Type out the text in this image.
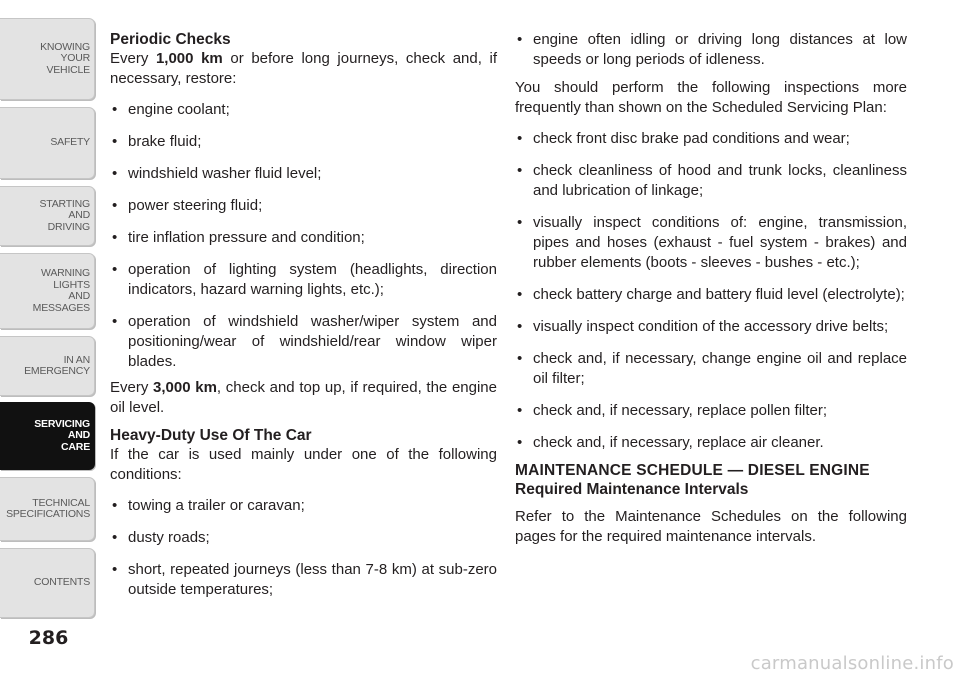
KNOWING
YOUR
VEHICLE
SAFETY
STARTING
AND
DRIVING
WARNING
LIGHTS
AND
MESSAGES
IN AN
EMERGENCY
SERVICING
AND
CARE
TECHNICAL
SPECIFICATIONS
CONTENTS
286
Periodic Checks

Every 1,000 km or before long journeys, check and, if necessary, restore:

• engine coolant;
• brake fluid;
• windshield washer fluid level;
• power steering fluid;
• tire inflation pressure and condition;
• operation of lighting system (headlights, direction indicators, hazard warning lights, etc.);
• operation of windshield washer/wiper system and positioning/wear of windshield/rear window wiper blades.

Every 3,000 km, check and top up, if required, the engine oil level.

Heavy-Duty Use Of The Car

If the car is used mainly under one of the following conditions:

• towing a trailer or caravan;
• dusty roads;
• short, repeated journeys (less than 7-8 km) at sub-zero outside temperatures;
• engine often idling or driving long distances at low speeds or long periods of idleness.

You should perform the following inspections more frequently than shown on the Scheduled Servicing Plan:

• check front disc brake pad conditions and wear;
• check cleanliness of hood and trunk locks, cleanliness and lubrication of linkage;
• visually inspect conditions of: engine, transmission, pipes and hoses (exhaust - fuel system - brakes) and rubber elements (boots - sleeves - bushes - etc.);
• check battery charge and battery fluid level (electrolyte);
• visually inspect condition of the accessory drive belts;
• check and, if necessary, change engine oil and replace oil filter;
• check and, if necessary, replace pollen filter;
• check and, if necessary, replace air cleaner.
MAINTENANCE SCHEDULE — DIESEL ENGINE
Required Maintenance Intervals

Refer to the Maintenance Schedules on the following pages for the required maintenance intervals.

carmanualsonline.info
